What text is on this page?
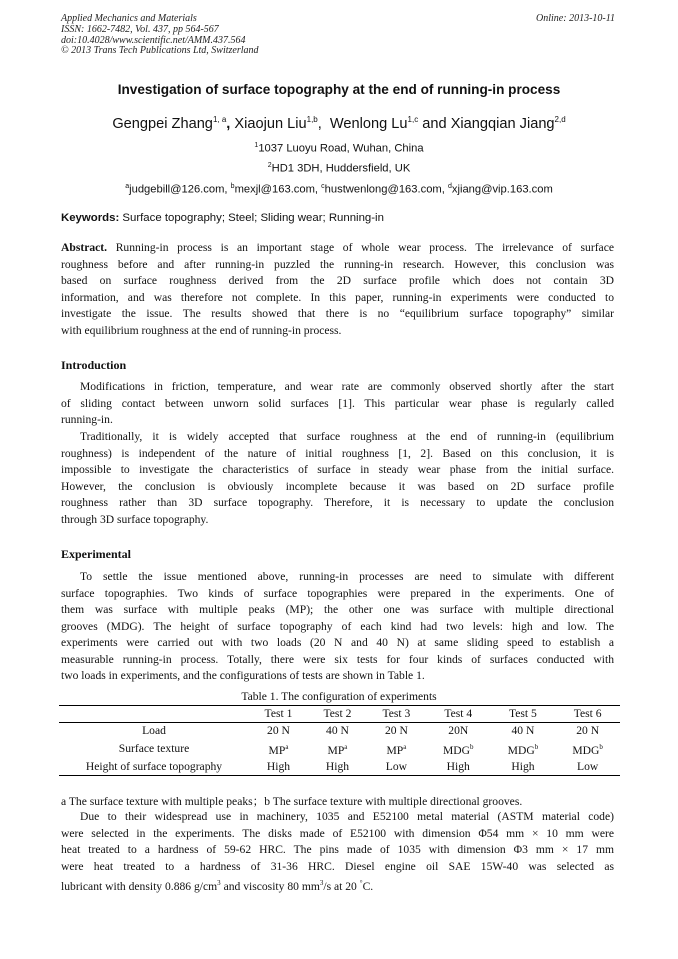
Applied Mechanics and Materials
ISSN: 1662-7482, Vol. 437, pp 564-567
doi:10.4028/www.scientific.net/AMM.437.564
© 2013 Trans Tech Publications Ltd, Switzerland
Online: 2013-10-11
Investigation of surface topography at the end of running-in process
Gengpei Zhang$^{1, a}$, Xiaojun Liu$^{1,b}$,  Wenlong Lu$^{1,c}$ and Xiangqian Jiang$^{2,d}$
$^1$1037 Luoyu Road, Wuhan, China
$^2$HD1 3DH, Huddersfield, UK
$^a$judgebill@126.com, $^b$mexjl@163.com, $^c$hustwenlong@163.com, $^d$xjiang@vip.163.com
Keywords: Surface topography; Steel; Sliding wear; Running-in
Abstract. Running-in process is an important stage of whole wear process. The irrelevance of surface
roughness before and after running-in puzzled the running-in research. However, this conclusion was
based on surface roughness derived from the 2D surface profile which does not contain 3D
information, and was therefore not complete. In this paper, running-in experiments were conducted to
investigate the issue. The results showed that there is no “equilibrium surface topography” similar
with equilibrium roughness at the end of running-in process.
Introduction
Modifications in friction, temperature, and wear rate are commonly observed shortly after the start
of sliding contact between unworn solid surfaces [1]. This particular wear phase is regularly called
running-in.
Traditionally, it is widely accepted that surface roughness at the end of running-in (equilibrium
roughness) is independent of the nature of initial roughness [1, 2]. Based on this conclusion, it is
impossible to investigate the characteristics of surface in steady wear phase from the initial surface.
However, the conclusion is obviously incomplete because it was based on 2D surface profile
roughness rather than 3D surface topography. Therefore, it is necessary to update the conclusion
through 3D surface topography.
Experimental
To settle the issue mentioned above, running-in processes are need to simulate with different
surface topographies. Two kinds of surface topographies were prepared in the experiments. One of
them was surface with multiple peaks (MP); the other one was surface with multiple directional
grooves (MDG). The height of surface topography of each kind had two levels: high and low. The
experiments were carried out with two loads (20 N and 40 N) at same sliding speed to establish a
measurable running-in process. Totally, there were six tests for four kinds of surfaces conducted with
two loads in experiments, and the configurations of tests are shown in Table 1.
Table 1. The configuration of experiments
	Test 1	Test 2	Test 3	Test 4	Test 5	Test 6
Load	20 N	40 N	20 N	20N	40 N	20 N
Surface texture	$MP^a$	$MP^a$	$MP^a$	MDG$^b$	MDG$^b$	MDG$^b$
Height of surface topography	High	High	Low	High	High	Low
a The surface texture with multiple peaks；b The surface texture with multiple directional grooves.
Due to their widespread use in machinery, 1035 and E52100 metal material (ASTM material code)
were selected in the experiments. The disks made of E52100 with dimension Φ54 mm × 10 mm were
heat treated to a hardness of 59-62 HRC. The pins made of 1035 with dimension Φ3 mm × 17 mm
were heat treated to a hardness of 31-36 HRC. Diesel engine oil SAE 15W-40 was selected as
lubricant with density 0.886 $g/cm^3$ and viscosity 80 $mm^3/s$ at 20 °C.
